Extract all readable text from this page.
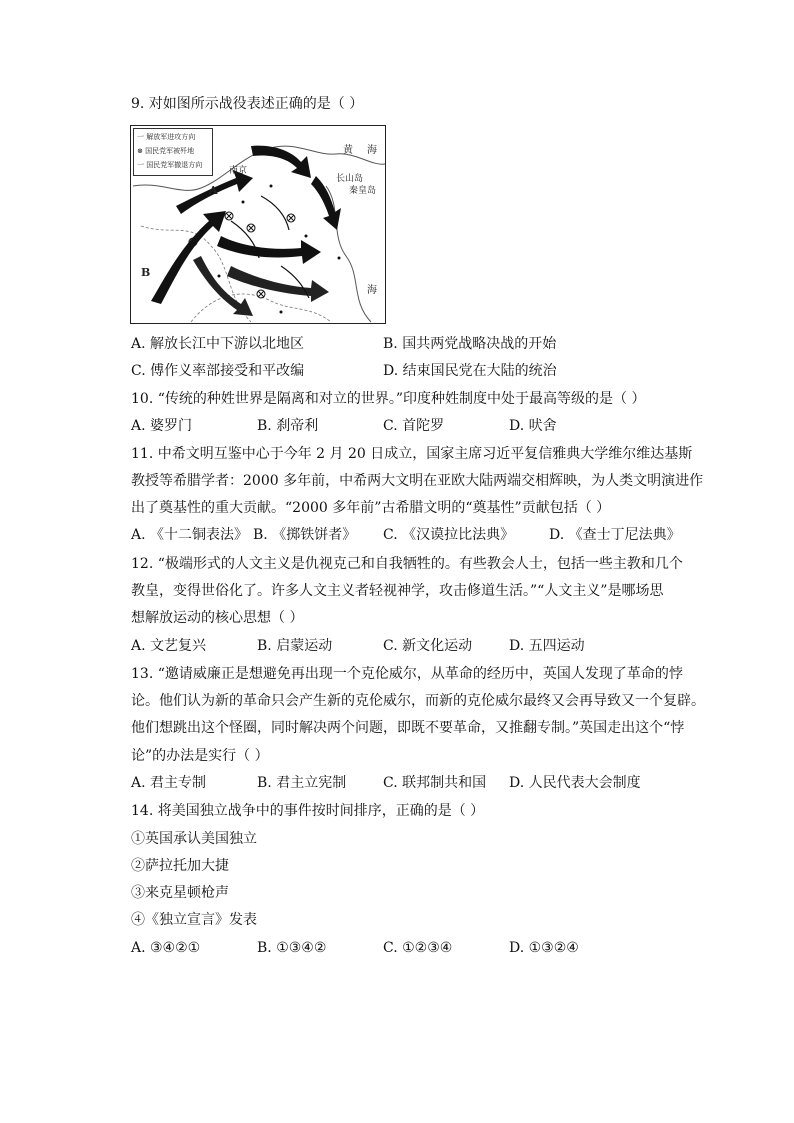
9. 对如图所示战役表述正确的是（ ）
一 解放军进攻方向
⊗ 国民党军被歼地
一 国民党军撤退方向
黄 海
长山岛
秦皇岛
南京
海
A
B
A. 解放长江中下游以北地区	B. 国共两党战略决战的开始
C. 傅作义率部接受和平改编	D. 结束国民党在大陆的统治
10. “传统的种姓世界是隔离和对立的世界。”印度种姓制度中处于最高等级的是（ ）
A. 婆罗门	B. 刹帝利	C. 首陀罗	D. 吠舍
11. 中希文明互鉴中心于今年 2 月 20 日成立，国家主席习近平复信雅典大学维尔维达基斯
教授等希腊学者：2000 多年前，中希两大文明在亚欧大陆两端交相辉映，为人类文明演进作
出了奠基性的重大贡献。“2000 多年前”古希腊文明的“奠基性”贡献包括（ ）
A. 《十二铜表法》 B. 《掷铁饼者》 C. 《汉谟拉比法典》 D. 《查士丁尼法典》
12. “极端形式的人文主义是仇视克己和自我牺牲的。有些教会人士，包括一些主教和几个
教皇，变得世俗化了。许多人文主义者轻视神学，攻击修道生活。”“人文主义”是哪场思
想解放运动的核心思想（ ）
A. 文艺复兴	B. 启蒙运动	C. 新文化运动	D. 五四运动
13. “邀请威廉正是想避免再出现一个克伦威尔，从革命的经历中，英国人发现了革命的悖
论。他们认为新的革命只会产生新的克伦威尔，而新的克伦威尔最终又会再导致又一个复辟。
他们想跳出这个怪圈，同时解决两个问题，即既不要革命，又推翻专制。”英国走出这个“悖
论”的办法是实行（ ）
A. 君主专制	B. 君主立宪制	C. 联邦制共和国 D. 人民代表大会制度
14. 将美国独立战争中的事件按时间排序，正确的是（ ）
①英国承认美国独立
②萨拉托加大捷
③来克星顿枪声
④《独立宣言》发表
A. ③④②①	B. ①③④②	C. ①②③④	D. ①③②④
